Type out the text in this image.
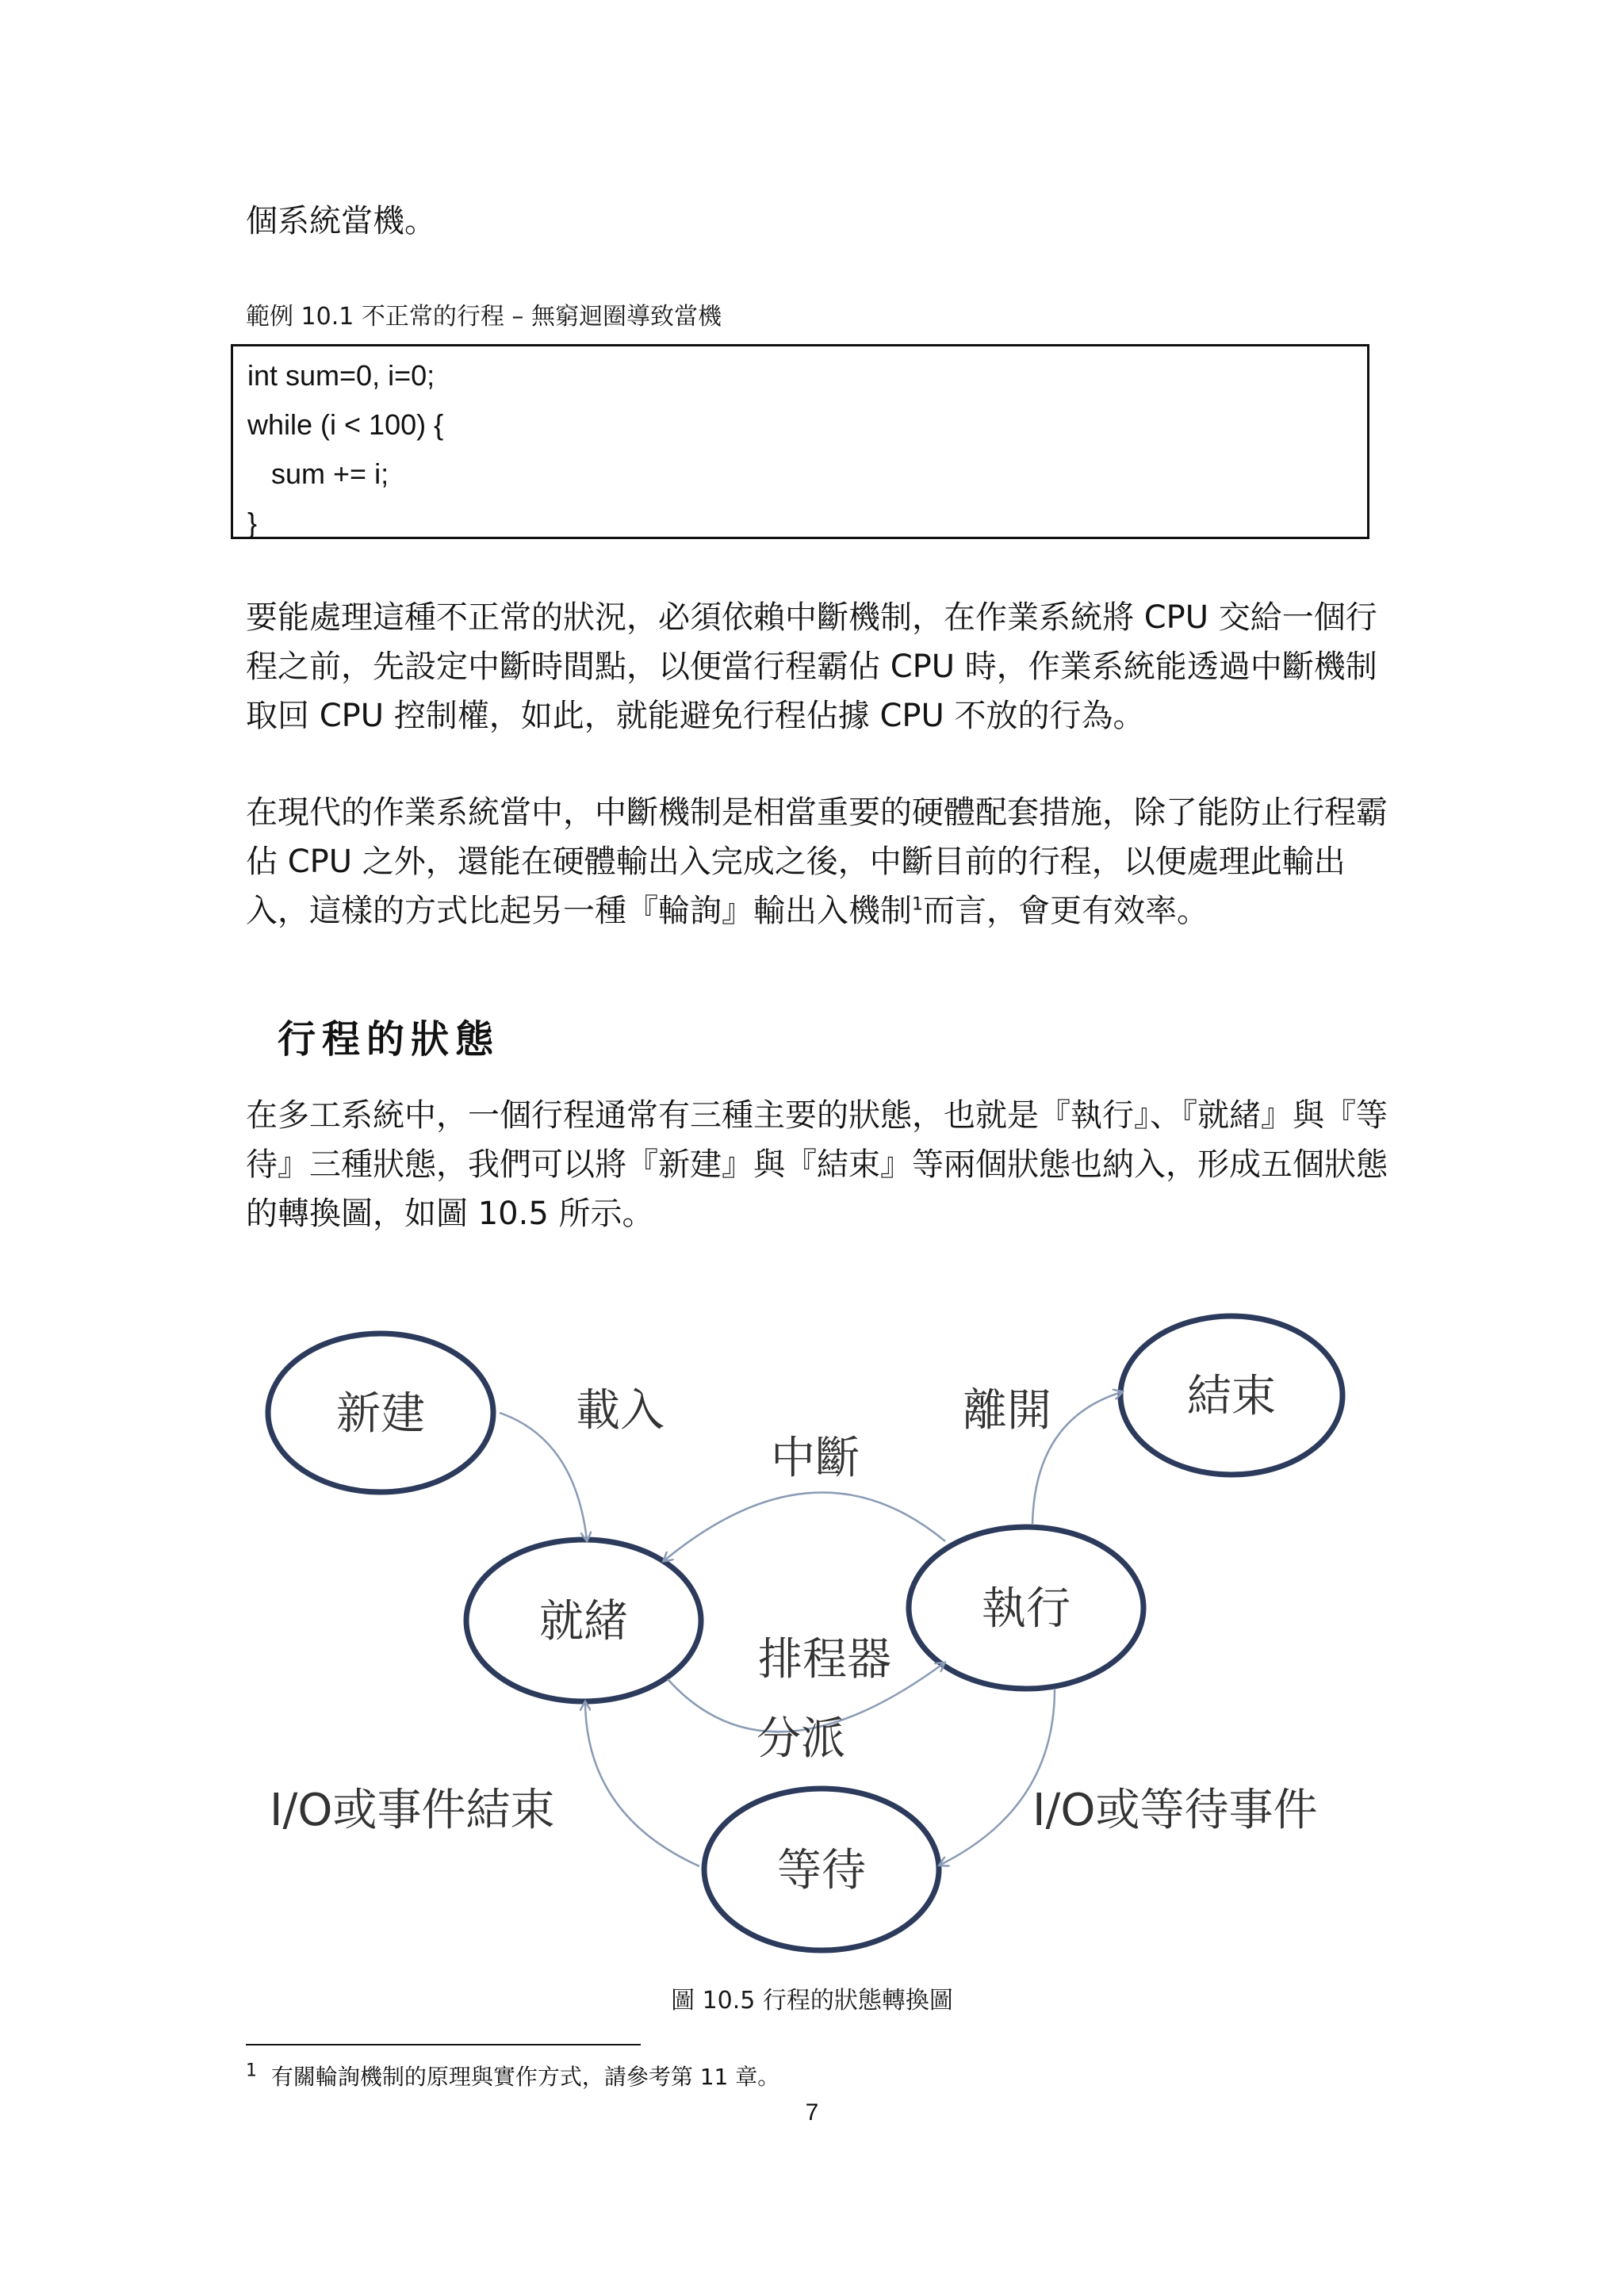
個系統當機。

範例 10.1 不正常的行程 – 無窮迴圈導致當機

int sum=0, i=0;

while (i < 100) {

sum += i;

}

要能處理這種不正常的狀況，必須依賴中斷機制，在作業系統將 CPU 交給一個行程之前，先設定中斷時間點，以便當行程霸佔 CPU 時，作業系統能透過中斷機制取回 CPU 控制權，如此，就能避免行程佔據 CPU 不放的行為。

在現代的作業系統當中，中斷機制是相當重要的硬體配套措施，除了能防止行程霸佔 CPU 之外，還能在硬體輸出入完成之後，中斷目前的行程，以便處理此輸出入，這樣的方式比起另一種『輪詢』輸出入機制$^1$而言，會更有效率。

行程的狀態

在多工系統中，一個行程通常有三種主要的狀態，也就是『執行』、『就緒』與『等待』三種狀態，我們可以將『新建』與『結束』等兩個狀態也納入，形成五個狀態的轉換圖，如圖 10.5 所示。

新建	結束
就緒	執行
等待
載入	離開
中斷
排程器
分派
I/O或事件結束	I/O或等待事件

圖 10.5 行程的狀態轉換圖

$^1$ 有關輪詢機制的原理與實作方式，請參考第 11 章。

7
